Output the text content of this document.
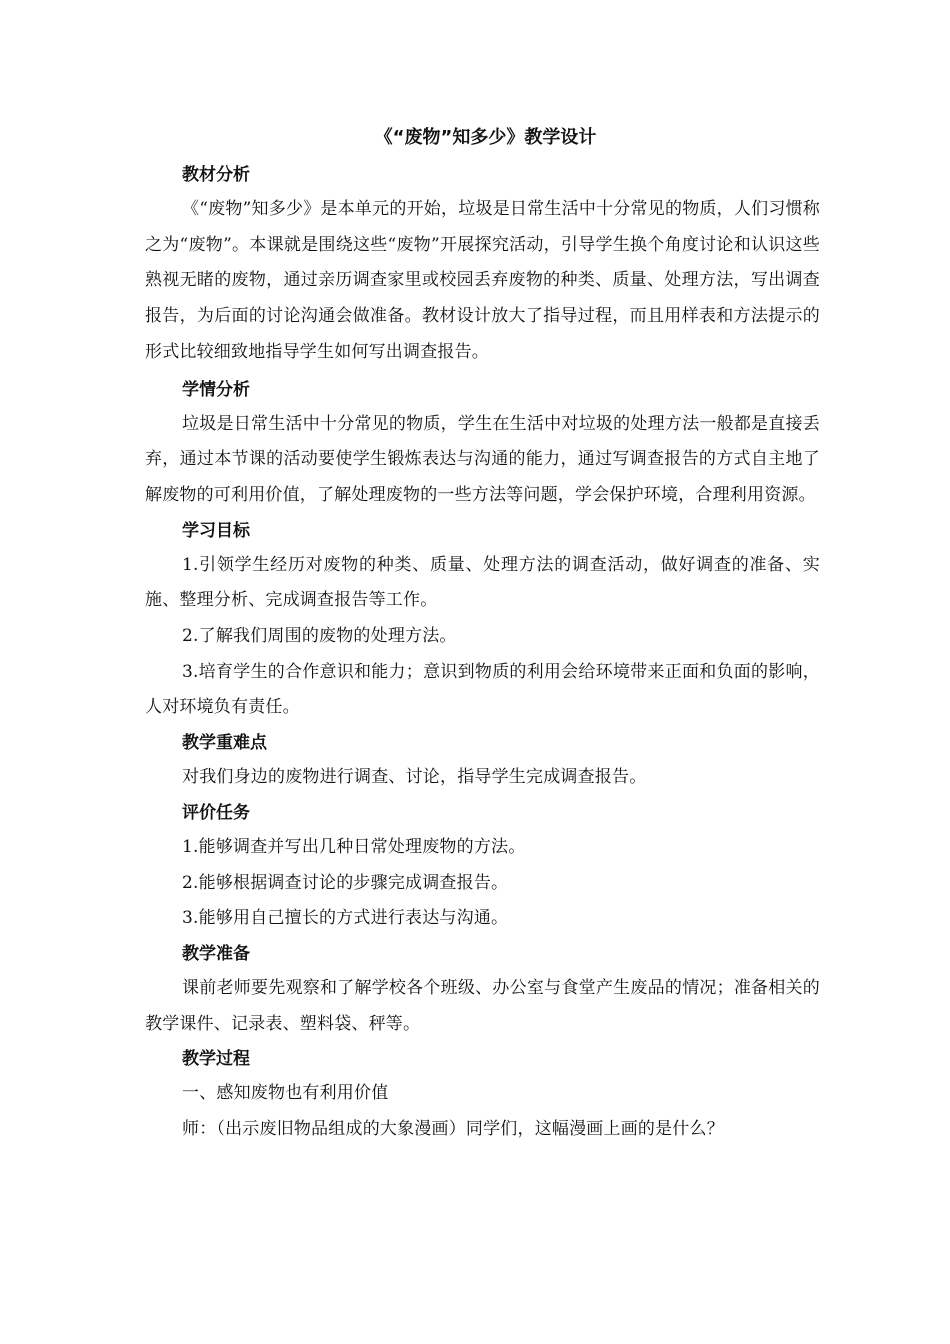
《“废物”知多少》教学设计
教材分析

《“废物”知多少》是本单元的开始，垃圾是日常生活中十分常见的物质，人们习惯称之为“废物”。本课就是围绕这些“废物”开展探究活动，引导学生换个角度讨论和认识这些熟视无睹的废物，通过亲历调查家里或校园丢弃废物的种类、质量、处理方法，写出调查报告，为后面的讨论沟通会做准备。教材设计放大了指导过程，而且用样表和方法提示的形式比较细致地指导学生如何写出调查报告。

学情分析

垃圾是日常生活中十分常见的物质，学生在生活中对垃圾的处理方法一般都是直接丢弃，通过本节课的活动要使学生锻炼表达与沟通的能力，通过写调查报告的方式自主地了解废物的可利用价值，了解处理废物的一些方法等问题，学会保护环境，合理利用资源。

学习目标

1.引领学生经历对废物的种类、质量、处理方法的调查活动，做好调查的准备、实施、整理分析、完成调查报告等工作。

2.了解我们周围的废物的处理方法。

3.培育学生的合作意识和能力；意识到物质的利用会给环境带来正面和负面的影响，人对环境负有责任。

教学重难点

对我们身边的废物进行调查、讨论，指导学生完成调查报告。

评价任务

1.能够调查并写出几种日常处理废物的方法。

2.能够根据调查讨论的步骤完成调查报告。

3.能够用自己擅长的方式进行表达与沟通。

教学准备

课前老师要先观察和了解学校各个班级、办公室与食堂产生废品的情况；准备相关的教学课件、记录表、塑料袋、秤等。

教学过程

一、感知废物也有利用价值

师：（出示废旧物品组成的大象漫画）同学们，这幅漫画上画的是什么？
